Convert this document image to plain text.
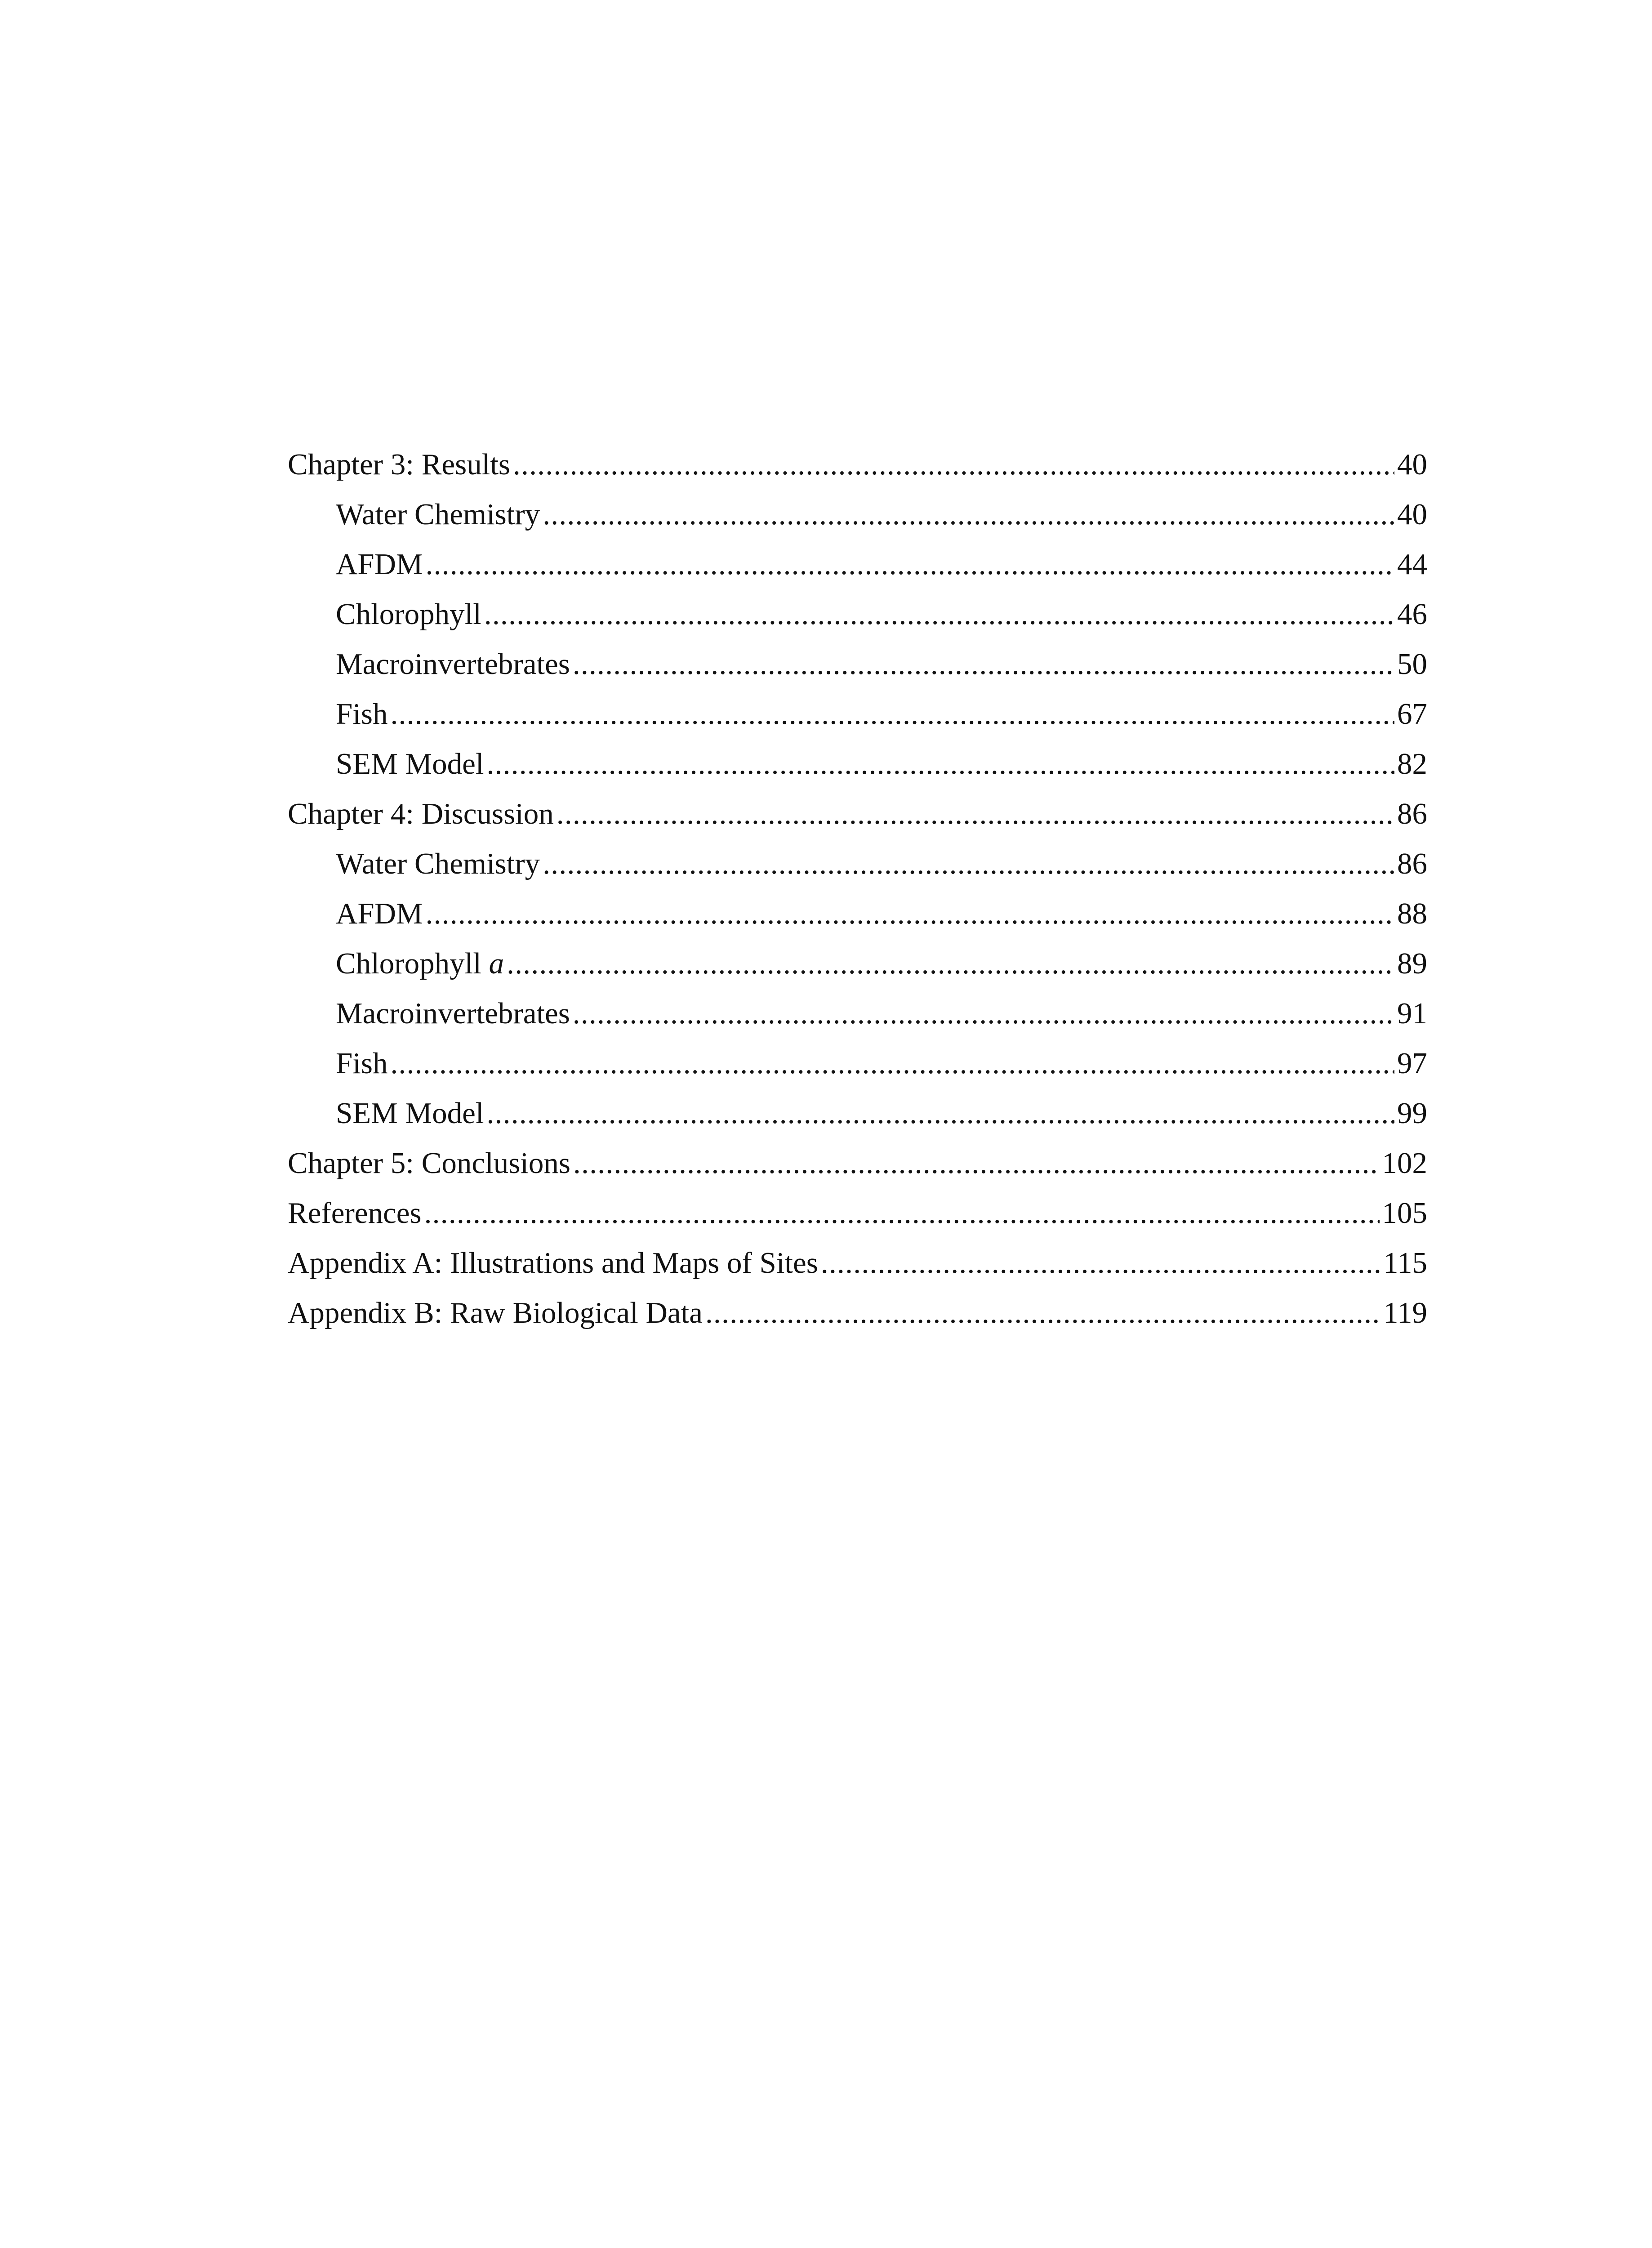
Chapter 3: Results .....	40
Water Chemistry .....	40
AFDM .....	44
Chlorophyll .....	46
Macroinvertebrates .....	50
Fish .....	67
SEM Model .....	82
Chapter 4: Discussion .....	86
Water Chemistry .....	86
AFDM .....	88
Chlorophyll a .....	89
Macroinvertebrates .....	91
Fish .....	97
SEM Model .....	99
Chapter 5: Conclusions .....	102
References .....	105
Appendix A: Illustrations and Maps of Sites .....	115
Appendix B: Raw Biological Data .....	119
